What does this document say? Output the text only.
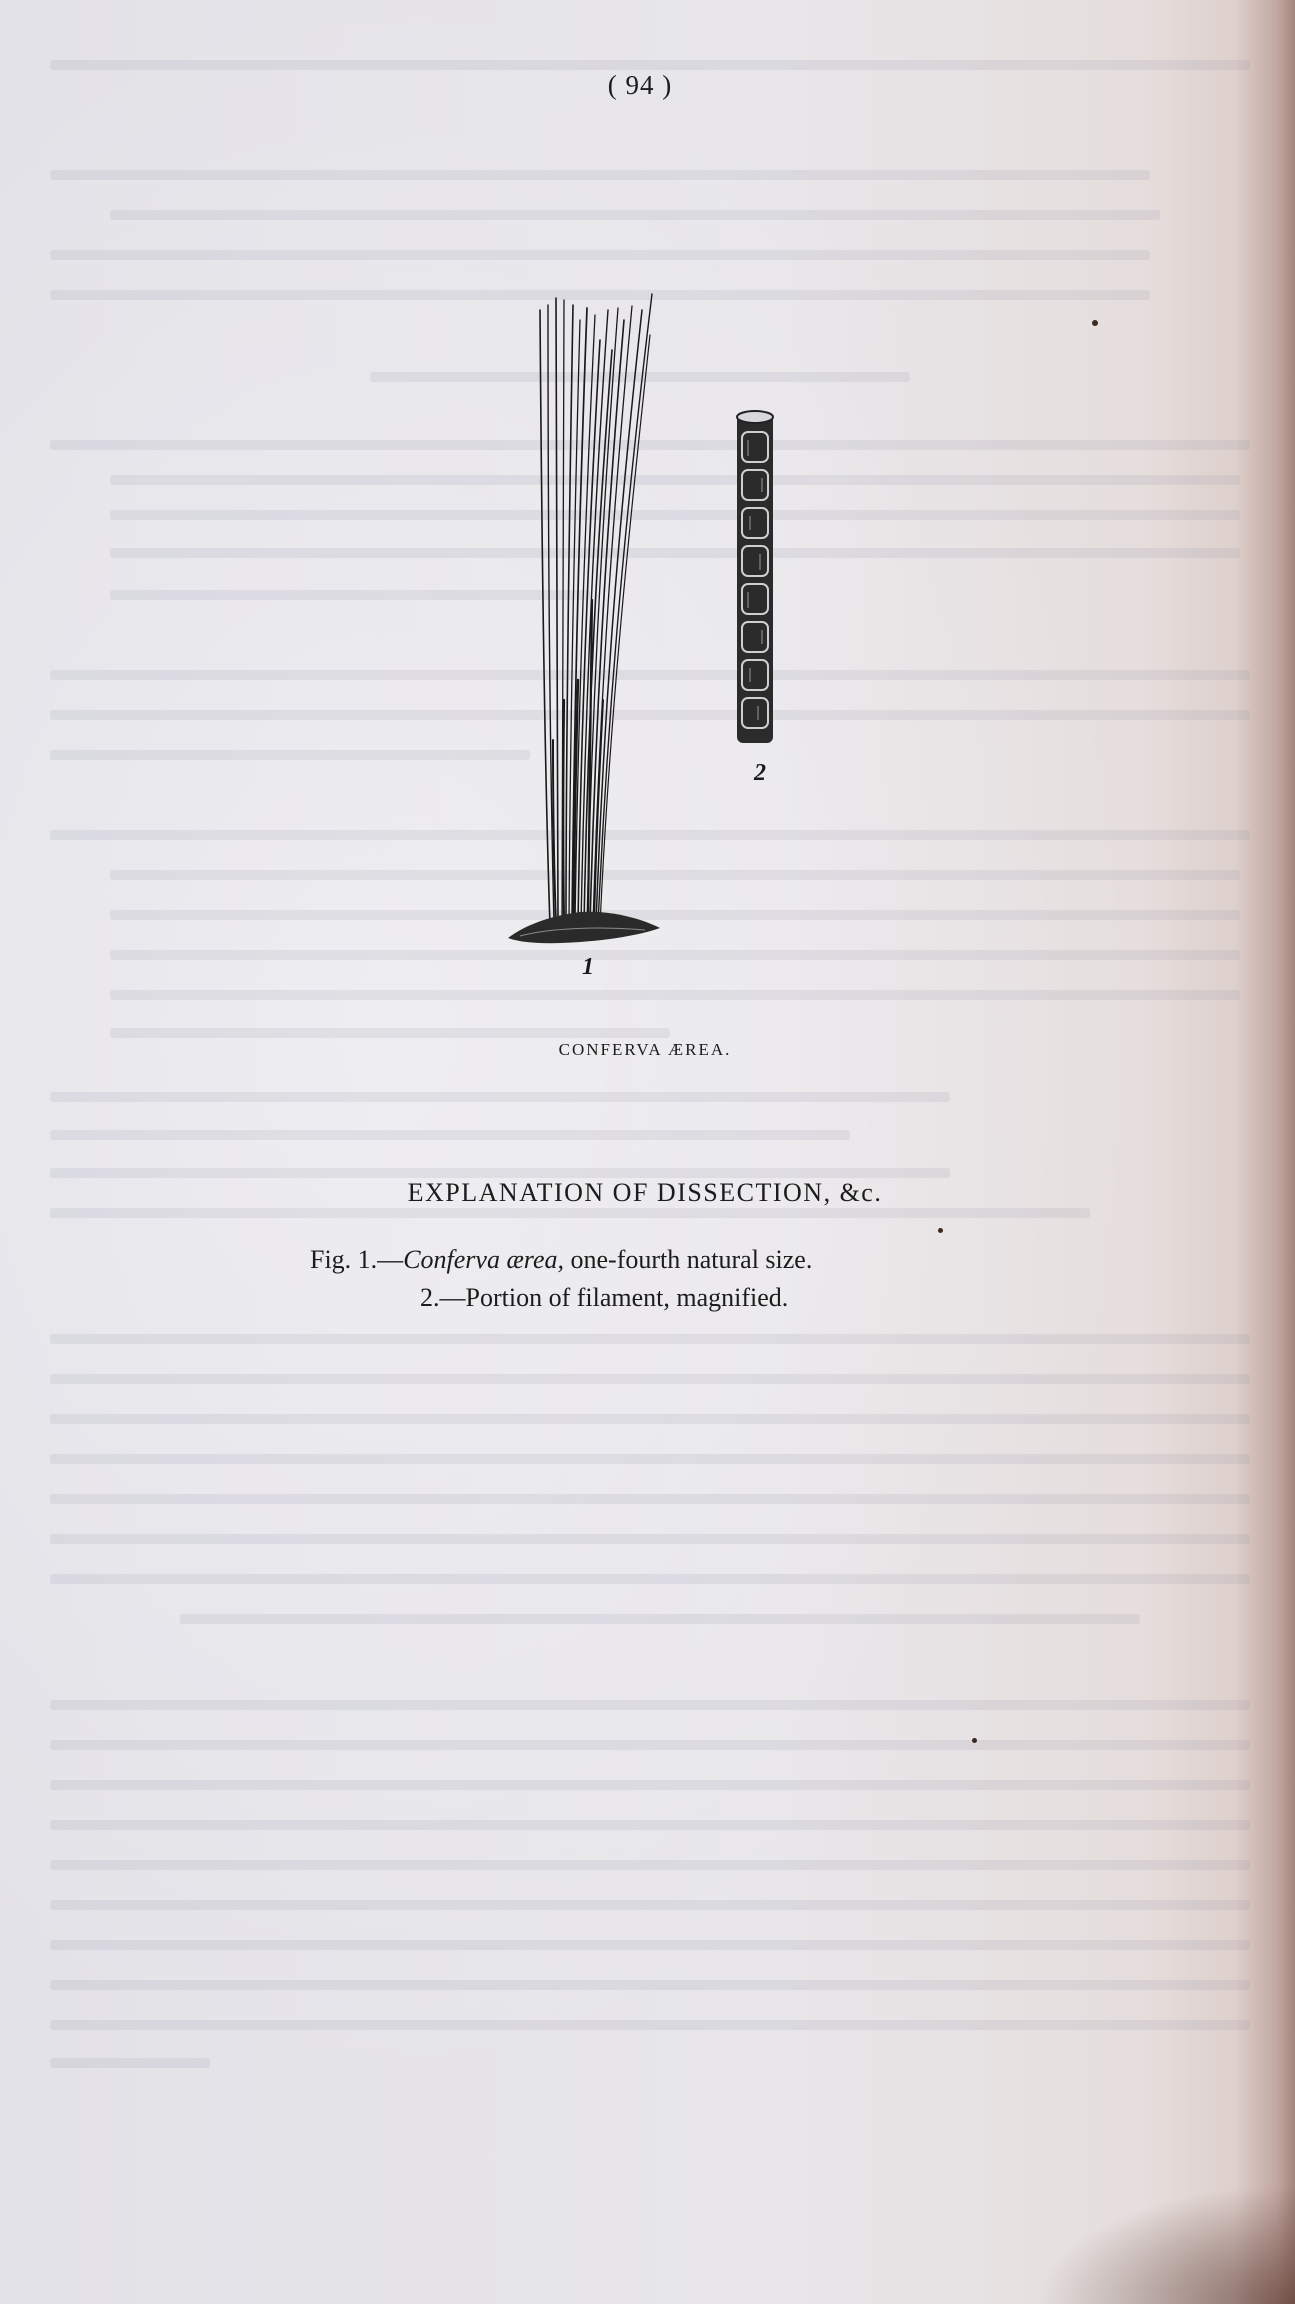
( 94 )
2
1
CONFERVA ÆREA.
EXPLANATION OF DISSECTION, &c.
Fig. 1.—Conferva ærea, one-fourth natural size.
2.—Portion of filament, magnified.
